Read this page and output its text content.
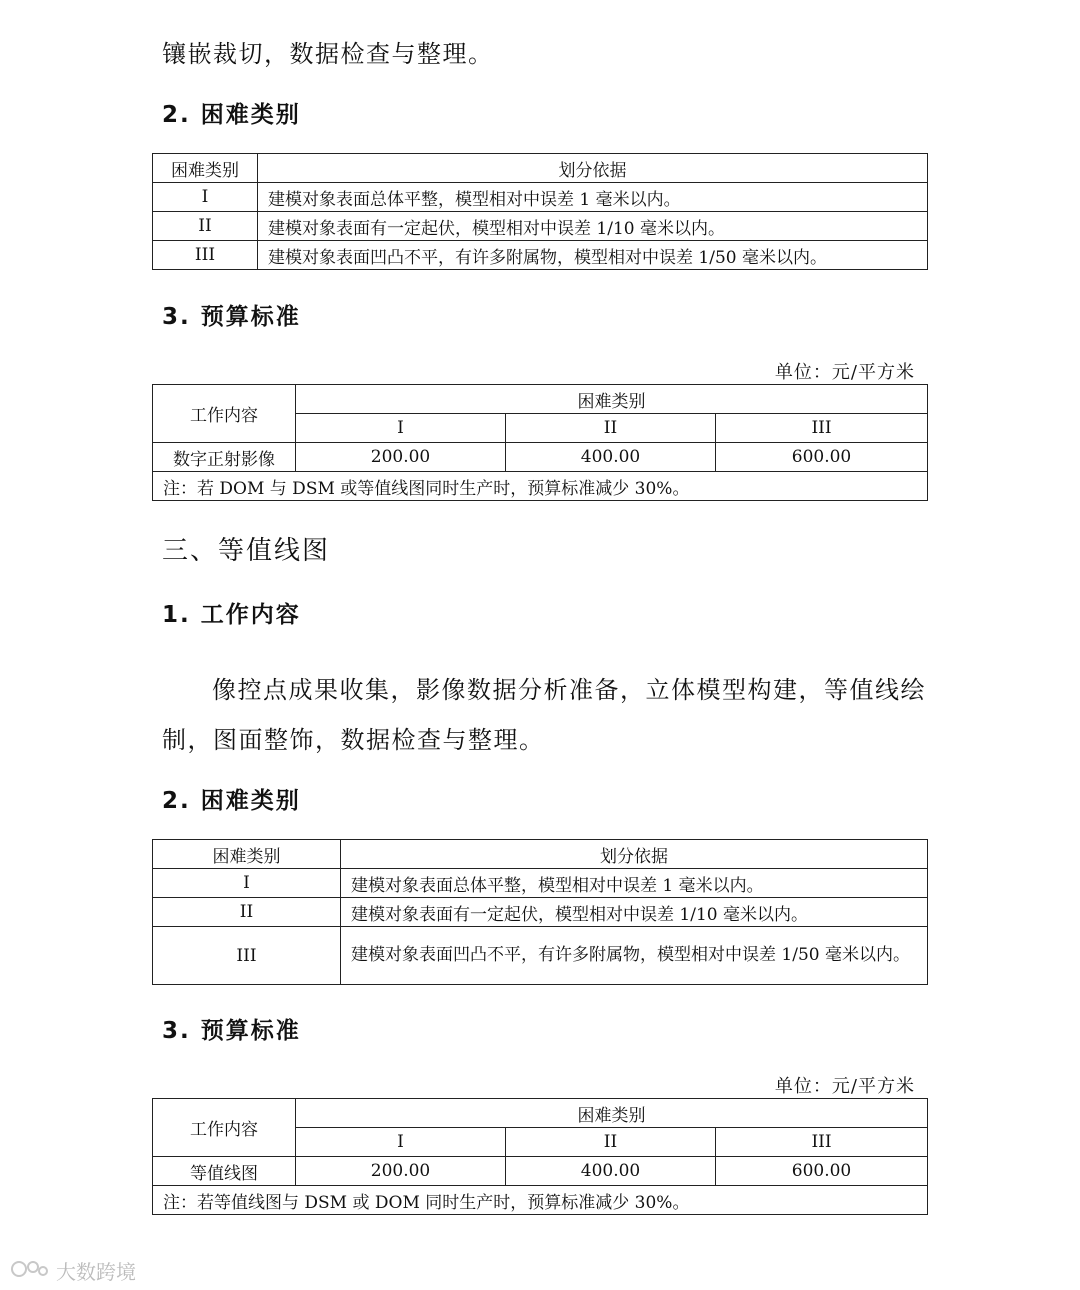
镶嵌裁切，数据检查与整理。
2. 困难类别
困难类别	划分依据
I	建模对象表面总体平整，模型相对中误差 1 毫米以内。
II	建模对象表面有一定起伏，模型相对中误差 1/10 毫米以内。
III	建模对象表面凹凸不平，有许多附属物，模型相对中误差 1/50 毫米以内。
3. 预算标准
单位：元/平方米
工作内容	困难类别		
	I	II	III
数字正射影像	200.00	400.00	600.00
注：若 DOM 与 DSM 或等值线图同时生产时，预算标准减少 30%。			
三、等值线图
1. 工作内容
像控点成果收集，影像数据分析准备，立体模型构建，等值线绘
制，图面整饰，数据检查与整理。
2. 困难类别
困难类别	划分依据
I	建模对象表面总体平整，模型相对中误差 1 毫米以内。
II	建模对象表面有一定起伏，模型相对中误差 1/10 毫米以内。
III	建模对象表面凹凸不平，有许多附属物，模型相对中误差 1/50 毫米以内。
3. 预算标准
单位：元/平方米
工作内容	困难类别		
	I	II	III
等值线图	200.00	400.00	600.00
注：若等值线图与 DSM 或 DOM 同时生产时，预算标准减少 30%。			
大数跨境
